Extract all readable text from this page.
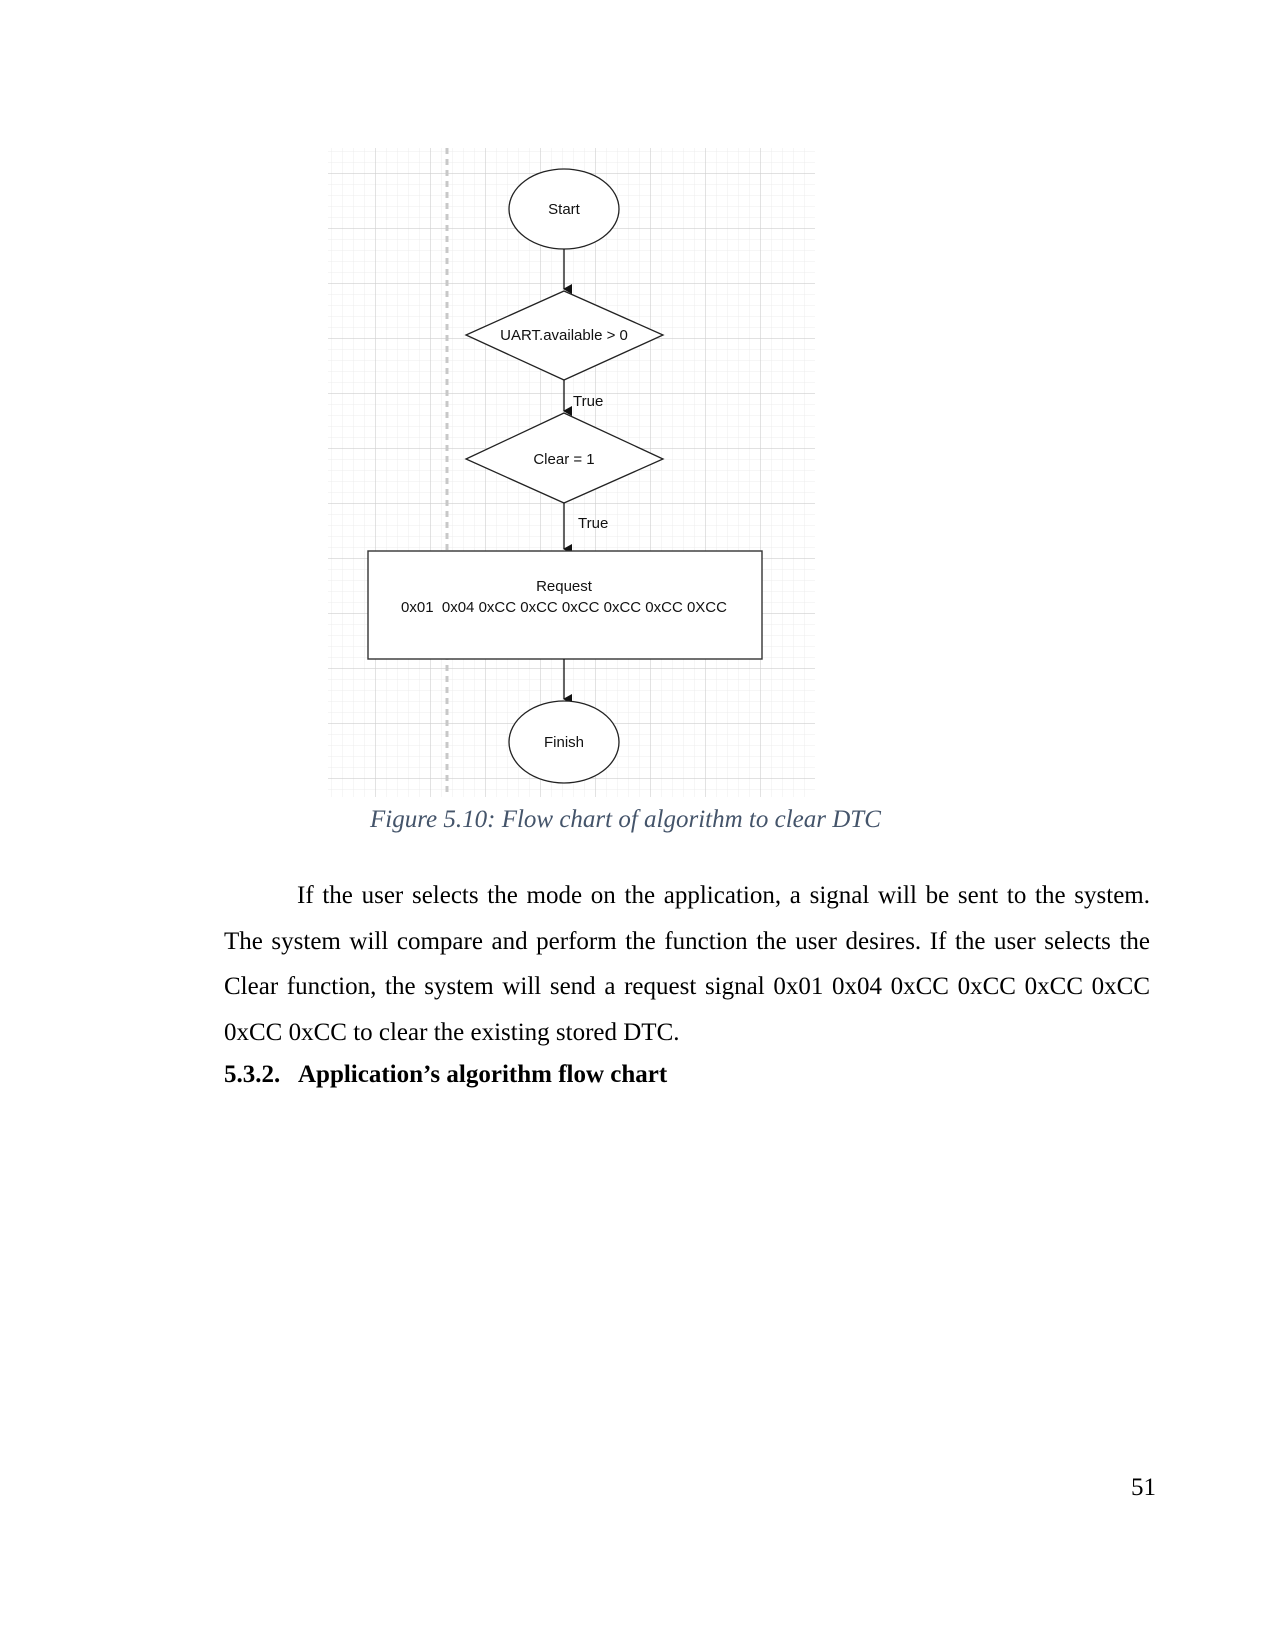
Start
UART.available > 0
True
Clear = 1
True
Request
0x01  0x04 0xCC 0xCC 0xCC 0xCC 0xCC 0XCC
Finish
Figure 5.10: Flow chart of algorithm to clear DTC

If the user selects the mode on the application, a signal will be sent to the system. The system will compare and perform the function the user desires. If the user selects the Clear function, the system will send a request signal 0x01 0x04 0xCC 0xCC 0xCC 0xCC 0xCC 0xCC to clear the existing stored DTC.

5.3.2. Application’s algorithm flow chart
51
